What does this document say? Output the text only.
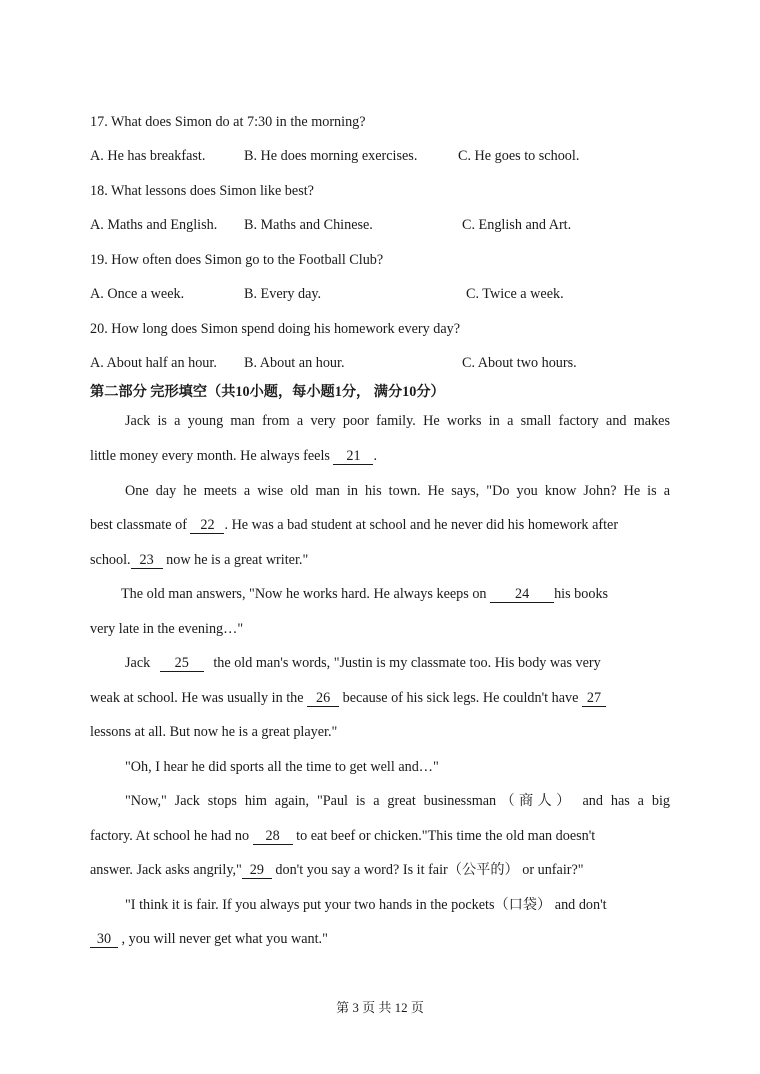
17. What does Simon do at 7:30 in the morning?
A. He has breakfast.	B. He does morning exercises.	C. He goes to school.
18. What lessons does Simon like best?
A. Maths and English. B. Maths and Chinese.	C. English and Art.
19. How often does Simon go to the Football Club?
A. Once a week.	B. Every day.	C. Twice a week.
20. How long does Simon spend doing his homework every day?
A. About half an hour. B. About an hour.	C. About two hours.
第二部分 完形填空（共10小题，每小题1分， 满分10分）
Jack is a young man from a very poor family. He works in a small factory and makes
little money every month. He always feels 21 .
One day he meets a wise old man in his town. He says, "Do you know John? He is a
best classmate of 22 . He was a bad student at school and he never did his homework after
school. 23 now he is a great writer."
The old man answers, "Now he works hard. He always keeps on 24 his books
very late in the evening…"
Jack 25 the old man's words, "Justin is my classmate too. His body was very
weak at school. He was usually in the 26 because of his sick legs. He couldn't have 27
lessons at all. But now he is a great player."
"Oh, I hear he did sports all the time to get well and…"
"Now," Jack stops him again, "Paul is a great businessman（商人） and has a big
factory. At school he had no 28 to eat beef or chicken."This time the old man doesn't
answer. Jack asks angrily," 29 don't you say a word? Is it fair（公平的） or unfair?"
"I think it is fair. If you always put your two hands in the pockets（口袋） and don't
30 , you will never get what you want."
第 3 页 共 12 页
